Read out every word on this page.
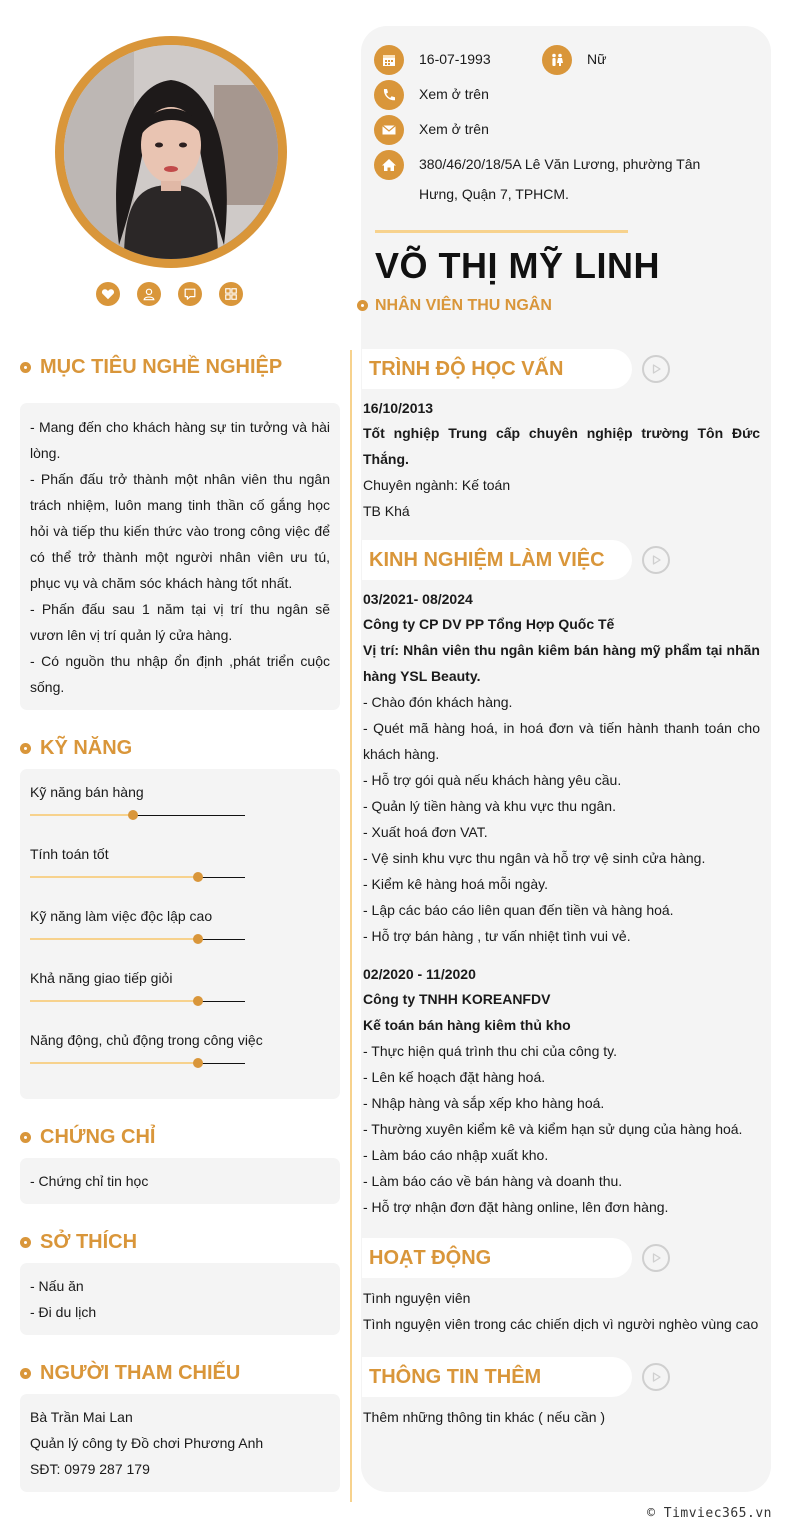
16-07-1993	Nữ
Xem ở trên
Xem ở trên
380/46/20/18/5A Lê Văn Lương, phường Tân
Hưng, Quận 7, TPHCM.
VÕ THỊ MỸ LINH
NHÂN VIÊN THU NGÂN
MỤC TIÊU NGHỀ NGHIỆP

- Mang đến cho khách hàng sự tin tưởng và hài lòng.

- Phấn đấu trở thành một nhân viên thu ngân trách nhiệm, luôn mang tinh thần cố gắng học hỏi và tiếp thu kiến thức vào trong công việc để có thể trở thành một người nhân viên ưu tú, phục vụ và chăm sóc khách hàng tốt nhất.

- Phấn đấu sau 1 năm tại vị trí thu ngân sẽ vươn lên vị trí quản lý cửa hàng.

- Có nguồn thu nhập ổn định ,phát triển cuộc sống.

KỸ NĂNG
Kỹ năng bán hàng
Tính toán tốt
Kỹ năng làm việc độc lập cao
Khả năng giao tiếp giỏi
Năng động, chủ động trong công việc
CHỨNG CHỈ

- Chứng chỉ tin học

SỞ THÍCH

- Nấu ăn

- Đi du lịch

NGƯỜI THAM CHIẾU

Bà Trần Mai Lan

Quản lý công ty Đồ chơi Phương Anh

SĐT: 0979 287 179

TRÌNH ĐỘ HỌC VẤN

16/10/2013

Tốt nghiệp Trung cấp chuyên nghiệp trường Tôn Đức Thắng.

Chuyên ngành: Kế toán

TB Khá

KINH NGHIỆM LÀM VIỆC

03/2021- 08/2024

Công ty CP DV PP Tổng Hợp Quốc Tế

Vị trí: Nhân viên thu ngân kiêm bán hàng mỹ phẩm tại nhãn hàng YSL Beauty.

- Chào đón khách hàng.

- Quét mã hàng hoá, in hoá đơn và tiến hành thanh toán cho khách hàng.

- Hỗ trợ gói quà nếu khách hàng yêu cầu.

- Quản lý tiền hàng và khu vực thu ngân.

- Xuất hoá đơn VAT.

- Vệ sinh khu vực thu ngân và hỗ trợ vệ sinh cửa hàng.

- Kiểm kê hàng hoá mỗi ngày.

- Lập các báo cáo liên quan đến tiền và hàng hoá.

- Hỗ trợ bán hàng , tư vấn nhiệt tình vui vẻ.

02/2020 - 11/2020

Công ty TNHH KOREANFDV

Kế toán bán hàng kiêm thủ kho

- Thực hiện quá trình thu chi của công ty.

- Lên kế hoạch đặt hàng hoá.

- Nhập hàng và sắp xếp kho hàng hoá.

- Thường xuyên kiểm kê và kiểm hạn sử dụng của hàng hoá.

- Làm báo cáo nhập xuất kho.

- Làm báo cáo về bán hàng và doanh thu.

- Hỗ trợ nhận đơn đặt hàng online, lên đơn hàng.

HOẠT ĐỘNG

Tình nguyện viên

Tình nguyện viên trong các chiến dịch vì người nghèo vùng cao

THÔNG TIN THÊM

Thêm những thông tin khác ( nếu cần )

© Timviec365.vn
